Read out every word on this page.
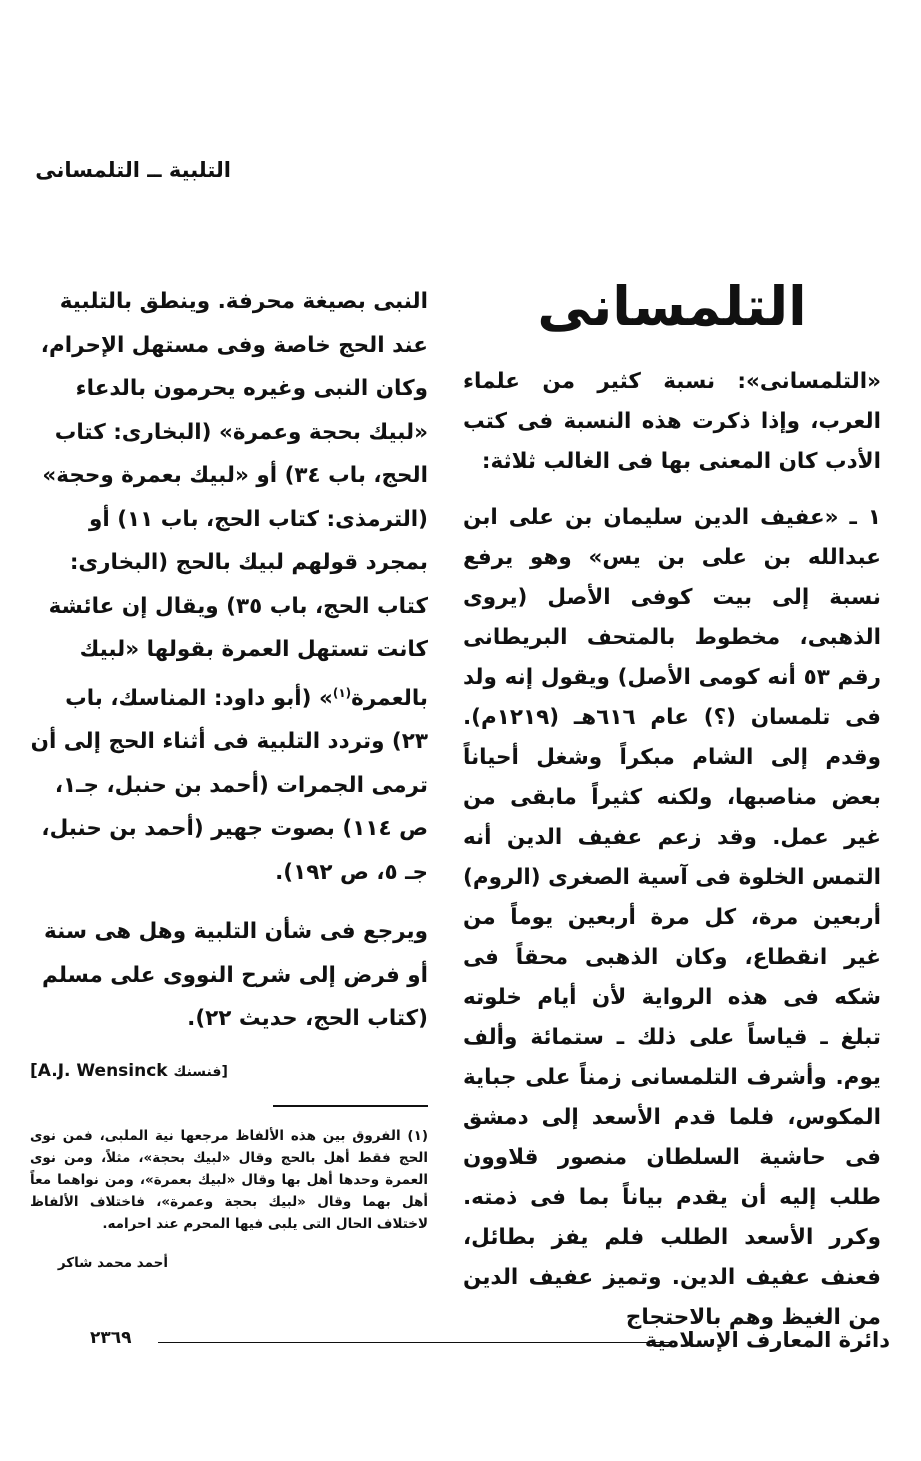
التلبية ــ التلمسانى
التلمسانى

«التلمسانى»: نسبة كثير من علماء العرب، وإذا ذكرت هذه النسبة فى كتب الأدب كان المعنى بها فى الغالب ثلاثة:

١ ـ «عفيف الدين سليمان بن على ابن عبدالله بن على بن يس» وهو يرفع نسبة إلى بيت كوفى الأصل (يروى الذهبى، مخطوط بالمتحف البريطانى رقم ٥٣ أنه كومى الأصل) ويقول إنه ولد فى تلمسان (؟) عام ٦١٦هـ (١٢١٩م). وقدم إلى الشام مبكراً وشغل أحياناً بعض مناصبها، ولكنه كثيراً مابقى من غير عمل. وقد زعم عفيف الدين أنه التمس الخلوة فى آسية الصغرى (الروم) أربعين مرة، كل مرة أربعين يوماً من غير انقطاع، وكان الذهبى محقاً فى شكه فى هذه الرواية لأن أيام خلوته تبلغ ـ قياساً على ذلك ـ ستمائة وألف يوم. وأشرف التلمسانى زمناً على جباية المكوس، فلما قدم الأسعد إلى دمشق فى حاشية السلطان منصور قلاوون طلب إليه أن يقدم بياناً بما فى ذمته. وكرر الأسعد الطلب فلم يفز بطائل، فعنف عفيف الدين. وتميز عفيف الدين من الغيظ وهم بالاحتجاج

النبى بصيغة محرفة. وينطق بالتلبية عند الحج خاصة وفى مستهل الإحرام، وكان النبى وغيره يحرمون بالدعاء «لبيك بحجة وعمرة» (البخارى: كتاب الحج، باب ٣٤) أو «لبيك بعمرة وحجة» (الترمذى: كتاب الحج، باب ١١) أو بمجرد قولهم لبيك بالحج (البخارى: كتاب الحج، باب ٣٥) ويقال إن عائشة كانت تستهل العمرة بقولها «لبيك بالعمرة$^{(١)}$» (أبو داود: المناسك، باب ٢٣) وتردد التلبية فى أثناء الحج إلى أن ترمى الجمرات (أحمد بن حنبل، جـ١، ص ١١٤) بصوت جهير (أحمد بن حنبل، جـ ٥، ص ١٩٢).

ويرجع فى شأن التلبية وهل هى سنة أو فرض إلى شرح النووى على مسلم (كتاب الحج، حديث ٢٢).

[A.J. Wensinck فنسنك]
(١) الفروق بين هذه الألفاظ مرجعها نية الملبى، فمن نوى الحج فقط أهل بالحج وقال «لبيك بحجة»، مثلاً، ومن نوى العمرة وحدها أهل بها وقال «لبيك بعمرة»، ومن نواهما معاً أهل بهما وقال «لبيك بحجة وعمرة»، فاختلاف الألفاظ لاختلاف الحال التى يلبى فيها المحرم عند احرامه.
أحمد محمد شاكر
دائرة المعارف الإسلامية
٢٣٦٩
